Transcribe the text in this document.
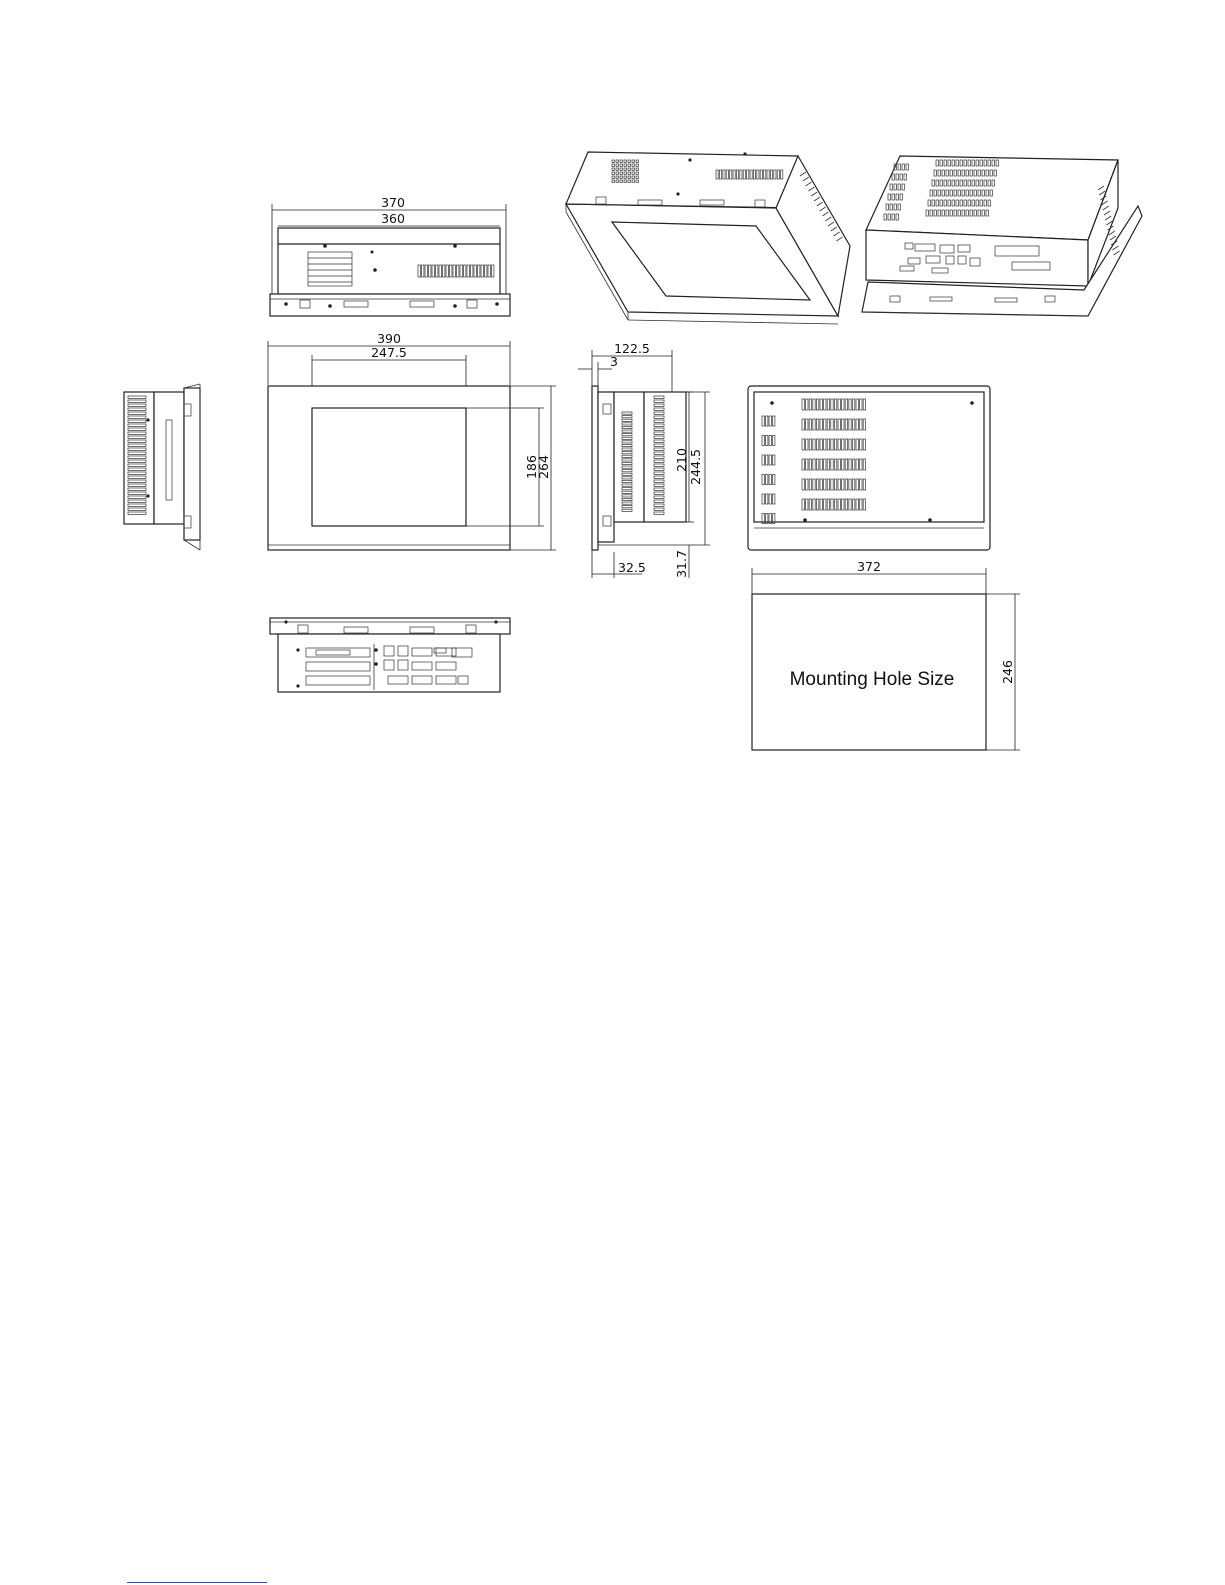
370
360
390
247.5
186
264
122.5
3
210 244.5
32.5 31.7	372
246
Mounting Hole Size
